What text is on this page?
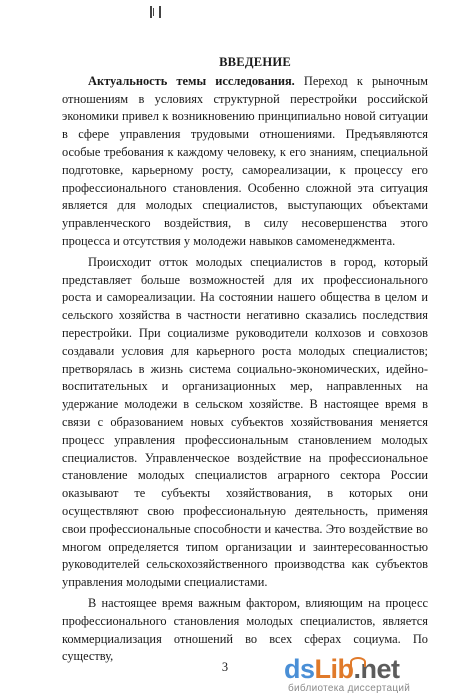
ВВЕДЕНИЕ

Актуальность темы исследования. Переход к рыночным отношениям в условиях структурной перестройки российской экономики привел к возникновению принципиально новой ситуации в сфере управления трудовыми отношениями. Предъявляются особые требования к каждому человеку, к его знаниям, специальной подготовке, карьерному росту, самореализации, к процессу его профессионального становления. Особенно сложной эта ситуация является для молодых специалистов, выступающих объектами управленческого воздействия, в силу несовершенства этого процесса и отсутствия у молодежи навыков самоменеджмента.

Происходит отток молодых специалистов в город, который представляет больше возможностей для их профессионального роста и самореализации. На состоянии нашего общества в целом и сельского хозяйства в частности негативно сказались последствия перестройки. При социализме руководители колхозов и совхозов создавали условия для карьерного роста молодых специалистов; претворялась в жизнь система социально-экономических, идейно-воспитательных и организационных мер, направленных на удержание молодежи в сельском хозяйстве. В настоящее время в связи с образованием новых субъектов хозяйствования меняется процесс управления профессиональным становлением молодых специалистов. Управленческое воздействие на профессиональное становление молодых специалистов аграрного сектора России оказывают те субъекты хозяйствования, в которых они осуществляют свою профессиональную деятельность, применяя свои профессиональные способности и качества. Это воздействие во многом определяется типом организации и заинтересованностью руководителей сельскохозяйственного производства как субъектов управления молодыми специалистами.

В настоящее время важным фактором, влияющим на процесс профессионального становления молодых специалистов, является коммерциализация отношений во всех сферах социума. По существу,

3	dsLib.net
библиотека диссертаций
